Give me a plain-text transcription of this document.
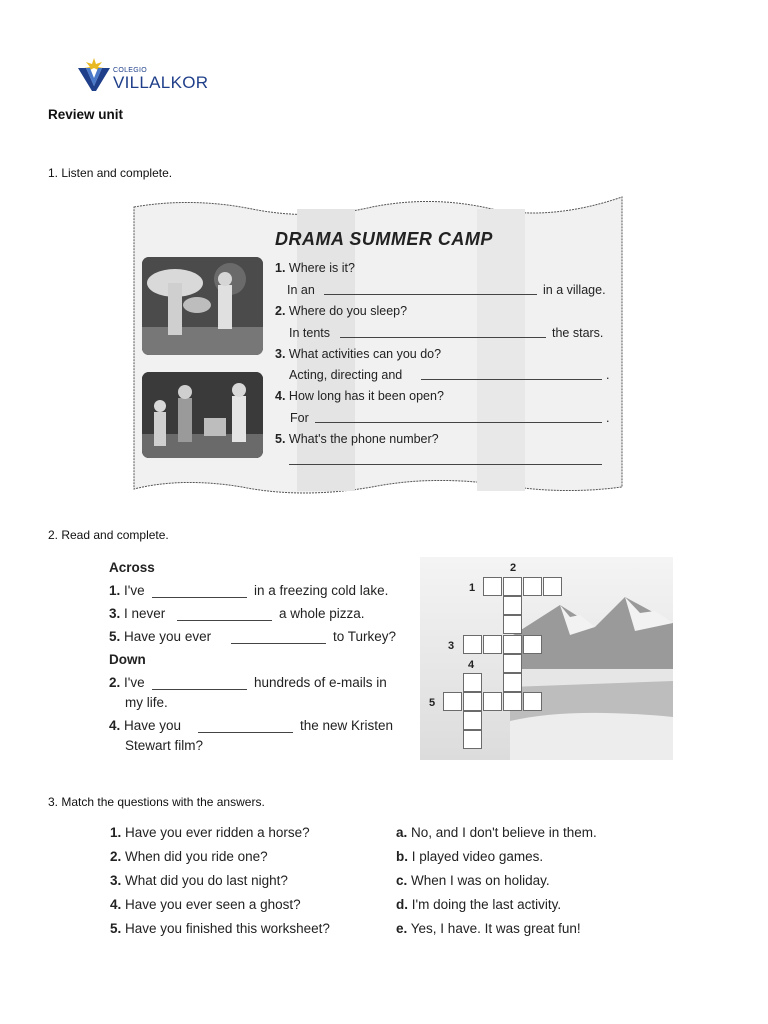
COLEGIO
VILLALKOR
Review unit
1. Listen and complete.
DRAMA SUMMER CAMP
1. Where is it?
In an	in a village.
2. Where do you sleep?
In tents	the stars.
3. What activities can you do?
Acting, directing and	.
4. How long has it been open?
For	.
5. What's the phone number?
2. Read and complete.
Across
1. I've	in a freezing cold lake.
3. I never	a whole pizza.
5. Have you ever	to Turkey?
Down
2. I've	hundreds of e-mails in
my life.
4. Have you	the new Kristen
Stewart film?
2
1
3
4
5
3. Match the questions with the answers.
1. Have you ever ridden a horse?
2. When did you ride one?
3. What did you do last night?
4. Have you ever seen a ghost?
5. Have you finished this worksheet?
a. No, and I don't believe in them.
b. I played video games.
c. When I was on holiday.
d. I'm doing the last activity.
e. Yes, I have. It was great fun!
